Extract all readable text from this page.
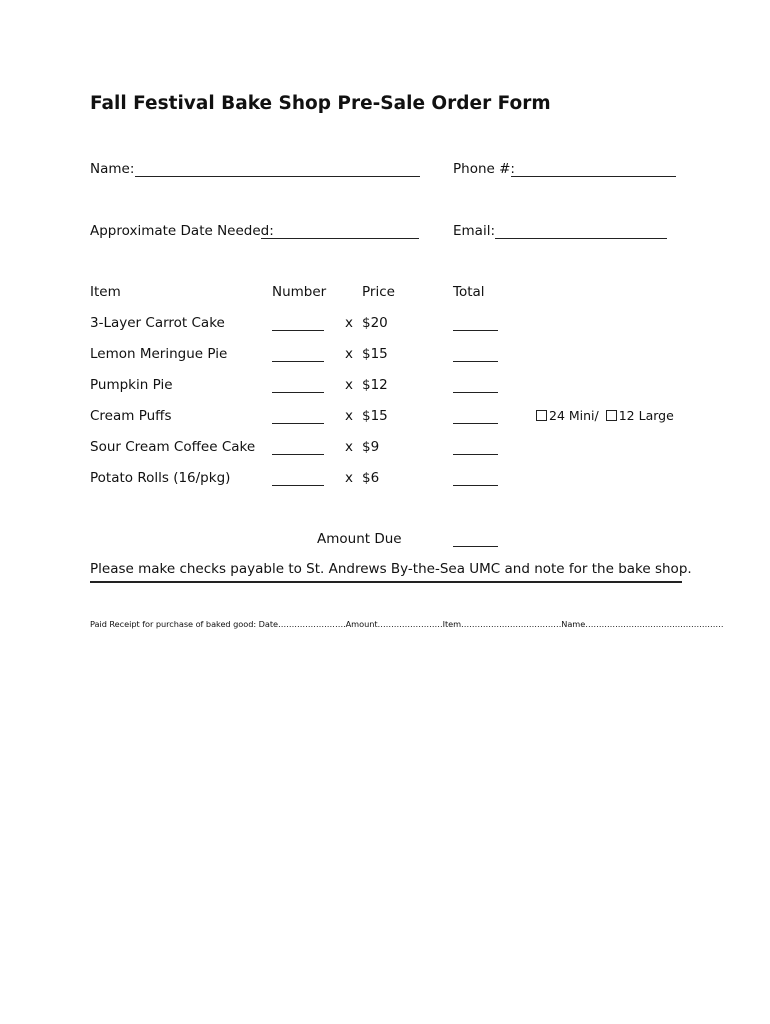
Fall Festival Bake Shop Pre-Sale Order Form
Name:	Phone #:
Approximate Date Needed:	Email:
Item	Number	Price	Total
3-Layer Carrot Cake	x $20
Lemon Meringue Pie	x $15
Pumpkin Pie	x $12
Cream Puffs	x $15	24 Mini/ 12 Large
Sour Cream Coffee Cake	x $9
Potato Rolls (16/pkg)	x $6
Amount Due
Please make checks payable to St. Andrews By-the-Sea UMC and note for the bake shop.
Paid Receipt for purchase of baked good: Date…………………….Amount……………………Item……………………………….Name……………………………………………
